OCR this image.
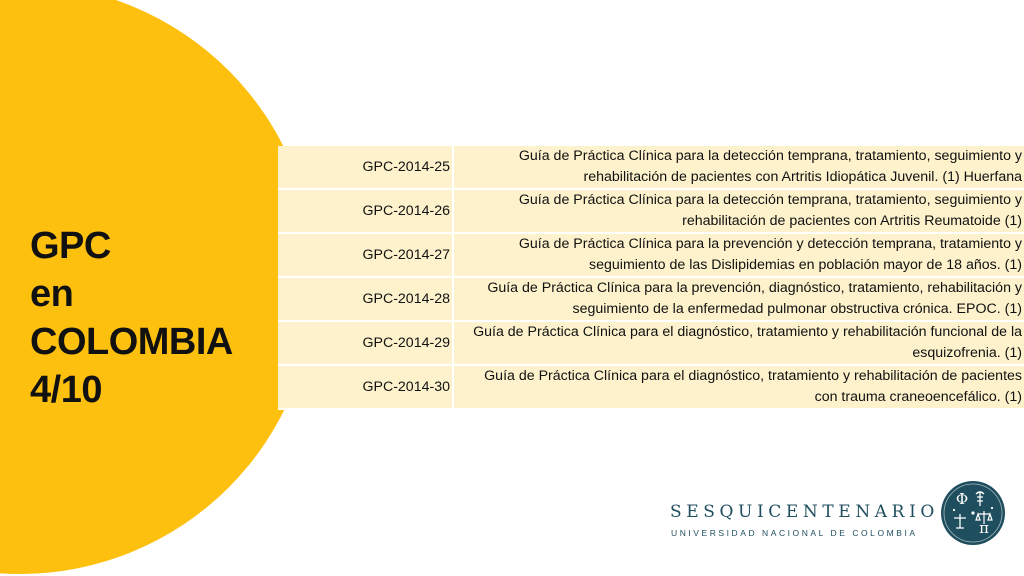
GPC
en
COLOMBIA
4/10
GPC-2014-25	Guía de Práctica Clínica para la detección temprana, tratamiento, seguimiento y rehabilitación de pacientes con Artritis Idiopática Juvenil. (1) Huerfana
GPC-2014-26	Guía de Práctica Clínica para la detección temprana, tratamiento, seguimiento y rehabilitación de pacientes con Artritis Reumatoide (1)
GPC-2014-27	Guía de Práctica Clínica para la prevención y detección temprana, tratamiento y seguimiento de las Dislipidemias en población mayor de 18 años. (1)
GPC-2014-28	Guía de Práctica Clínica para la prevención, diagnóstico, tratamiento, rehabilitación y seguimiento de la enfermedad pulmonar obstructiva crónica. EPOC. (1)
GPC-2014-29	Guía de Práctica Clínica para el diagnóstico, tratamiento y rehabilitación funcional de la esquizofrenia. (1)
GPC-2014-30	Guía de Práctica Clínica para el diagnóstico, tratamiento y rehabilitación de pacientes con trauma craneoencefálico. (1)
SESQUICENTENARIO
UNIVERSIDAD NACIONAL DE COLOMBIA
Φ
π
